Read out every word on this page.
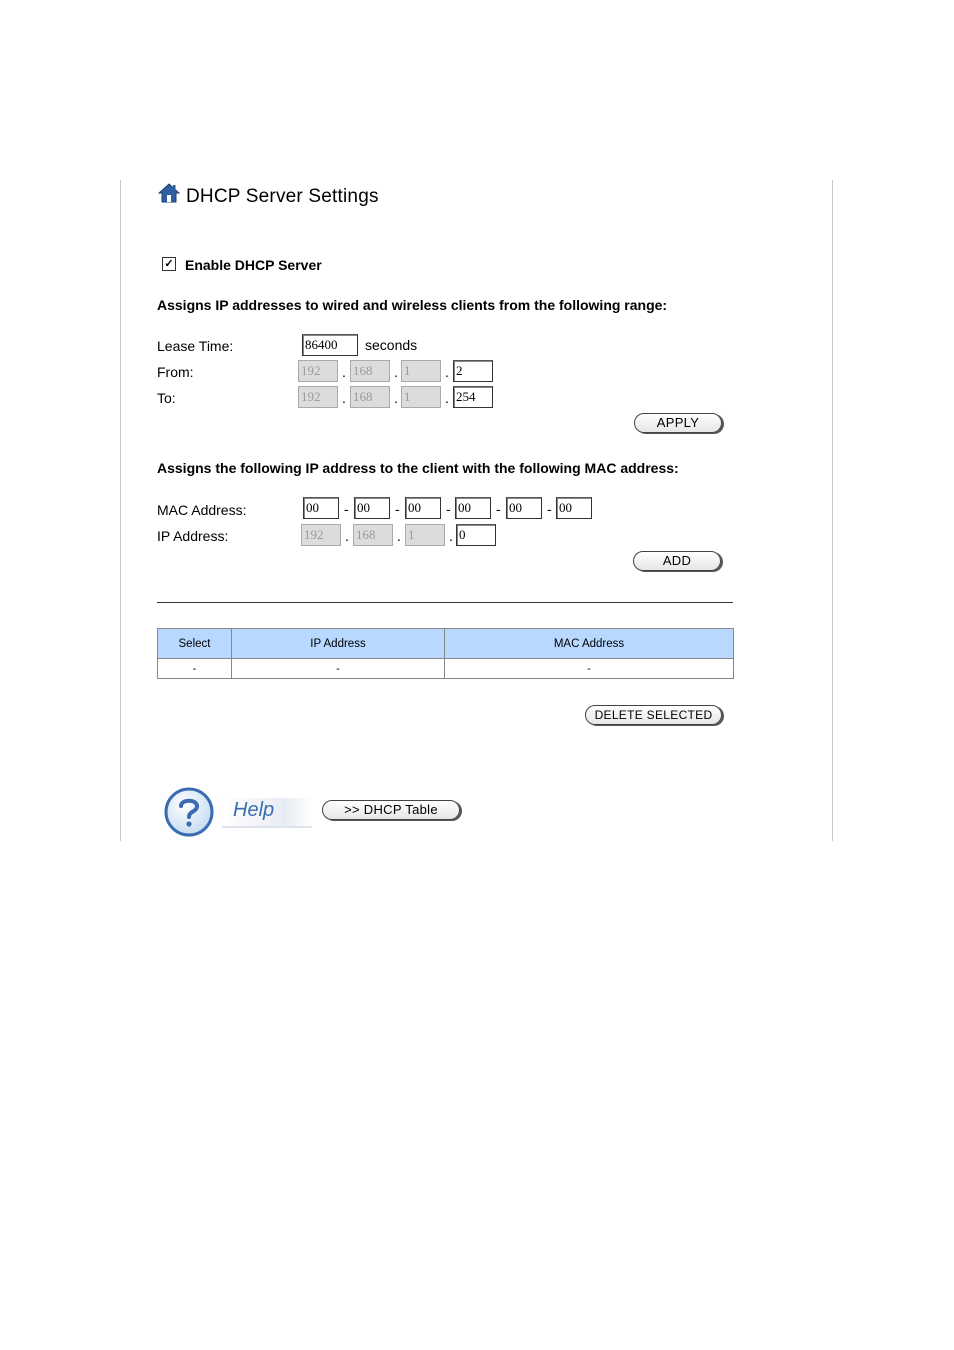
DHCP Server Settings
✓ Enable DHCP Server
Assigns IP addresses to wired and wireless clients from the following range:
Lease Time:	86400	seconds
From:	192	. 168	. 1	. 2
To:	192	. 168	. 1	. 254
APPLY
Assigns the following IP address to the client with the following MAC address:
MAC Address:	00	- 00	- 00	- 00	- 00	- 00
IP Address:	192	. 168	. 1	. 0
ADD
Select	IP Address	MAC Address
-	-	-
DELETE SELECTED
Help	>> DHCP Table
